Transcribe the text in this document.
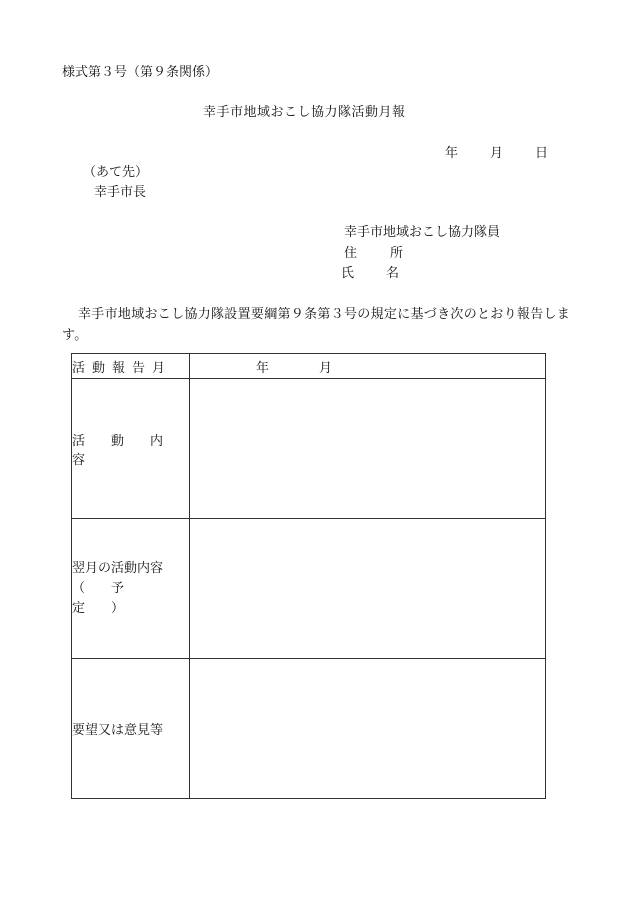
様式第３号（第９条関係）
幸手市地域おこし協力隊活動月報
年 月 日
（あて先）
幸手市長
幸手市地域おこし協力隊員
住	所
氏 名
幸手市地域おこし協力隊設置要綱第９条第３号の規定に基づき次のとおり報告します。
活動報告月	年 月
活動内容	

翌月の活動内容
（予定）	

要望又は意見等	
